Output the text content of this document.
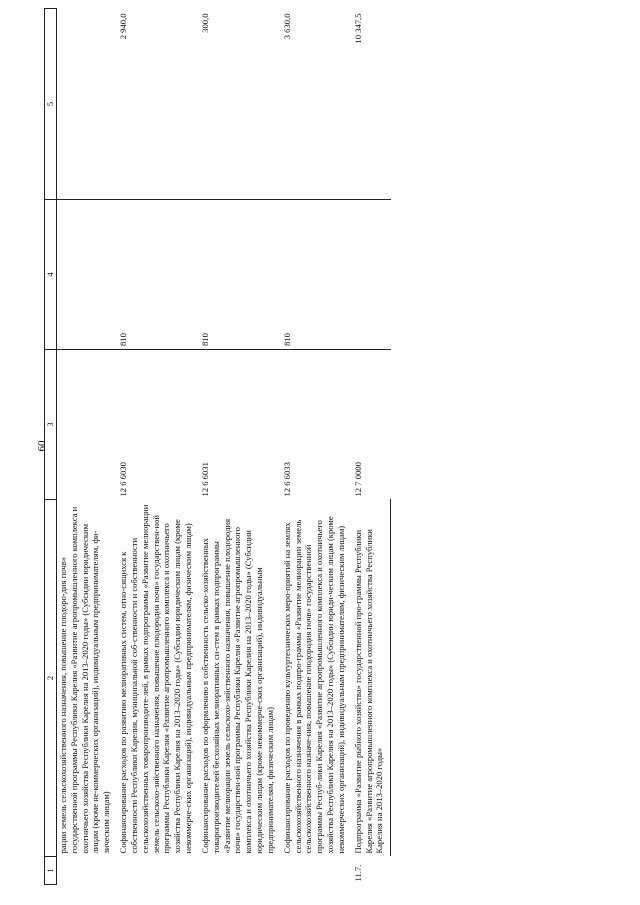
60
1	2	3	4	5
	рации земель сельскохозяйственного назначения, повышение плодоро-дия почв» государственной программы Республики Карелия «Развитие агропромышленного комплекса и охотничьего хозяйства Республики Карелия на 2013–2020 годы» (Субсидии юридическим лицам (кроме не-коммерческих организаций), индивидуальным предпринимателям, фи-зическим лицам)			
	Софинансирование расходов по развитию мелиоративных систем, отно-сящихся к собственности Республики Карелия, муниципальной соб-ственности и собственности сельскохозяйственных товаропроизводите-лей, в рамках подпрограммы «Развитие мелиорации земель сельскохо-зяйственного назначения, повышение плодородия почв» государствен-ной программы Республики Карелия «Развитие агропромышленного комплекса и охотничьего хозяйства Республики Карелия на 2013–2020 годы» (Субсидии юридическим лицам (кроме некоммерче-ских организаций), индивидуальным предпринимателям, физическим лицам)	12 6 6030	810	2 940,0
	Софинансирование расходов по оформлению в собственность сельско-хозяйственных товаропроизводителей бесхозяйных мелиоративных си-стем в рамках подпрограммы «Развитие мелиорации земель сельскохо-зяйственного назначения, повышение плодородия почв» государствен-ной программы Республики Карелия «Развитие агропромышленного комплекса и охотничьего хозяйства Республики Карелия на 2013–2020 годы» (Субсидии юридическим лицам (кроме некоммерче-ских организаций), индивидуальным предпринимателям, физическим лицам)	12 6 6031	810	300,0
	Софинансирование расходов по проведению культуртехнических меро-приятий на землях сельскохозяйственного назначения в рамках подпро-граммы «Развитие мелиорации земель сельскохозяйственного назначе-ния, повышение плодородия почв» государственной программы Респуб-лики Карелия «Развитие агропромышленного комплекса и охотничьего хозяйства Республики Карелия на 2013–2020 годы» (Субсидии юриди-ческим лицам (кроме некоммерческих организаций), индивидуальным предпринимателям, физическим лицам)	12 6 6033	810	3 630,0
11.7.	Подпрограмма «Развитие рыбного хозяйства» государственной про-граммы Республики Карелия «Развитие агропромышленного комплекса и охотничьего хозяйства Республики Карелия на 2013–2020 годы»	12 7 0000		10 347,5
